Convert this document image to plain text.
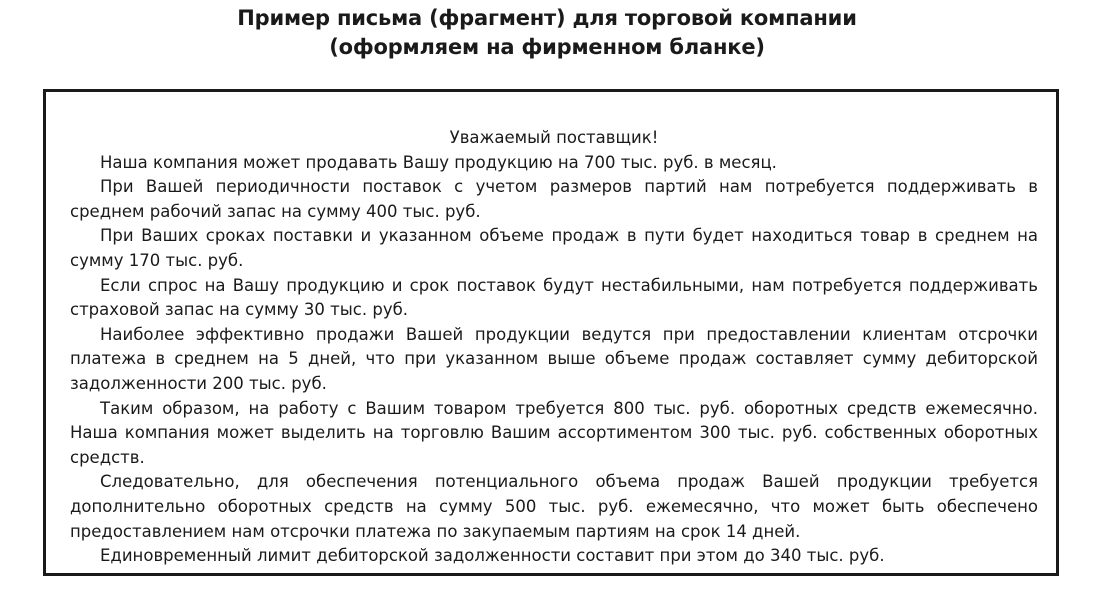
Пример письма (фрагмент) для торговой компании
(оформляем на фирменном бланке)

Уважаемый поставщик!

Наша компания может продавать Вашу продукцию на 700 тыс. руб. в месяц.

При Вашей периодичности поставок с учетом размеров партий нам потребуется поддерживать в среднем рабочий запас на сумму 400 тыс. руб.

При Ваших сроках поставки и указанном объеме продаж в пути будет находиться товар в среднем на сумму 170 тыс. руб.

Если спрос на Вашу продукцию и срок поставок будут нестабильными, нам потребуется поддерживать страховой запас на сумму 30 тыс. руб.

Наиболее эффективно продажи Вашей продукции ведутся при предоставлении клиентам отсрочки платежа в среднем на 5 дней, что при указанном выше объеме продаж составляет сумму дебиторской задолженности 200 тыс. руб.

Таким образом, на работу с Вашим товаром требуется 800 тыс. руб. оборотных средств ежемесячно. Наша компания может выделить на торговлю Вашим ассортиментом 300 тыс. руб. собственных оборотных средств.

Следовательно, для обеспечения потенциального объема продаж Вашей продукции требуется дополнительно оборотных средств на сумму 500 тыс. руб. ежемесячно, что может быть обеспечено предоставлением нам отсрочки платежа по закупаемым партиям на срок 14 дней.

Единовременный лимит дебиторской задолженности составит при этом до 340 тыс. руб.
